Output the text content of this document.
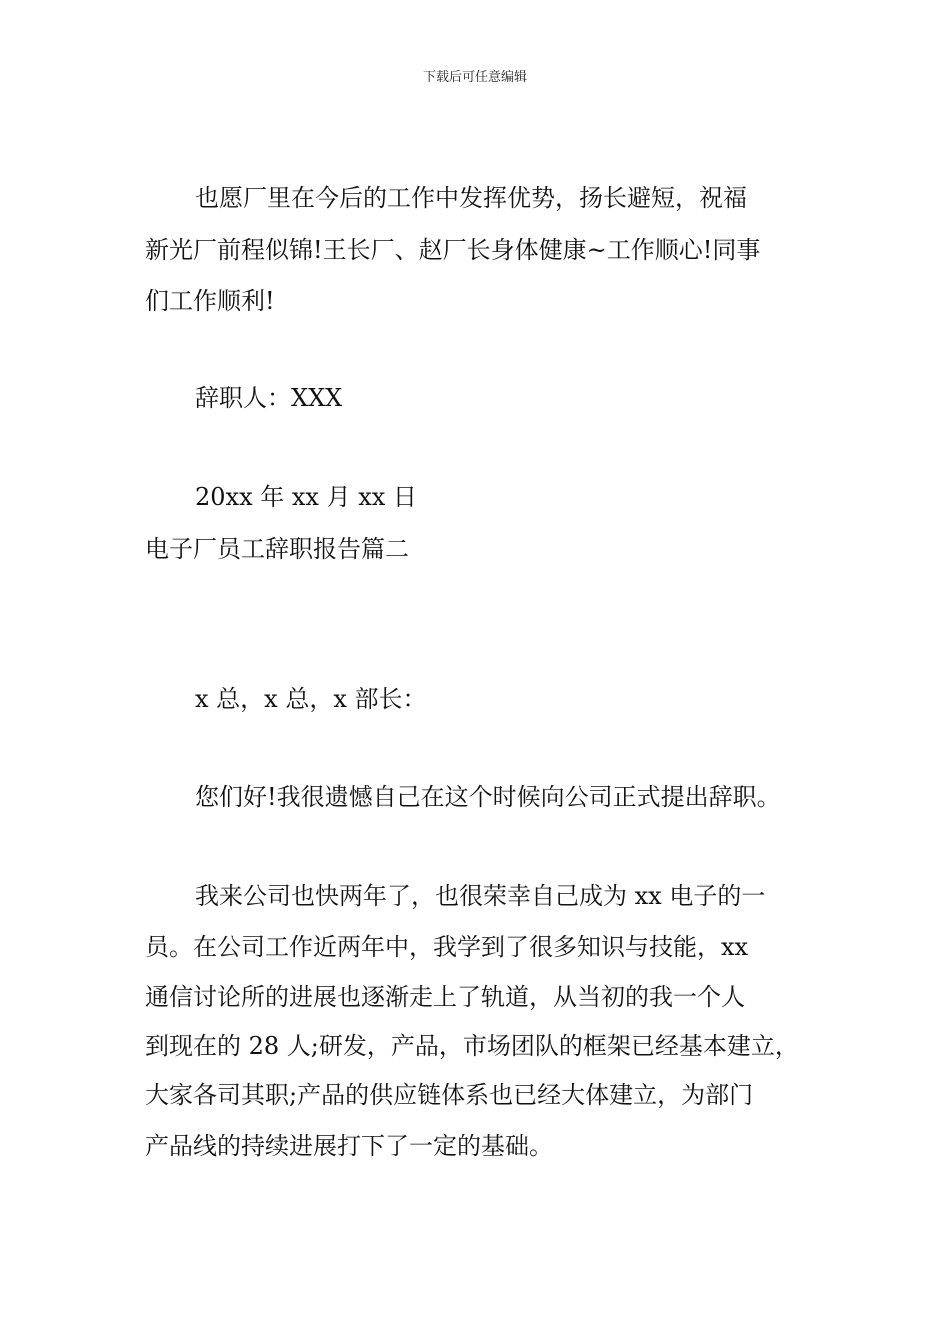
下载后可任意编辑
也愿厂里在今后的工作中发挥优势，扬长避短，祝福
新光厂前程似锦!王长厂、赵厂长身体健康~工作顺心!同事
们工作顺利!
辞职人：XXX
20xx 年 xx 月 xx 日
电子厂员工辞职报告篇二
x 总，x 总，x 部长：
您们好!我很遗憾自己在这个时候向公司正式提出辞职。
我来公司也快两年了，也很荣幸自己成为 xx 电子的一
员。在公司工作近两年中，我学到了很多知识与技能，xx
通信讨论所的进展也逐渐走上了轨道，从当初的我一个人
到现在的 28 人;研发，产品，市场团队的框架已经基本建立，
大家各司其职;产品的供应链体系也已经大体建立，为部门
产品线的持续进展打下了一定的基础。
